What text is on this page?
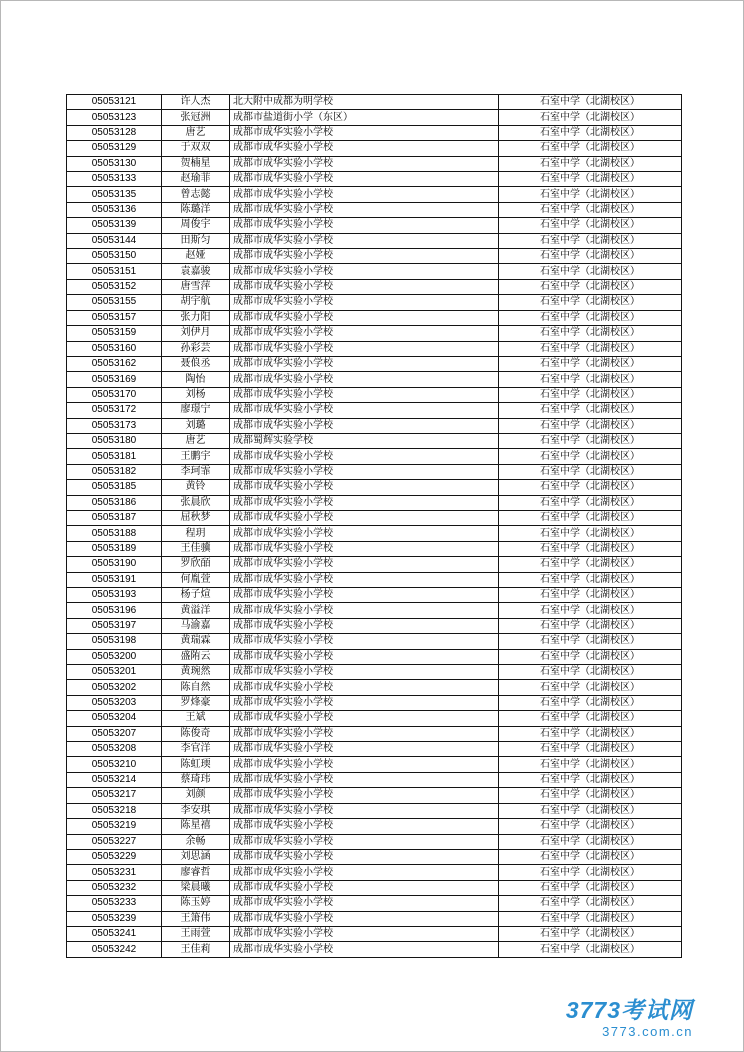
05053121	许人杰	北大附中成都为明学校	石室中学（北湖校区）
05053123	张冠洲	成都市盐道街小学（东区）	石室中学（北湖校区）
05053128	唐艺	成都市成华实验小学校	石室中学（北湖校区）
05053129	于双双	成都市成华实验小学校	石室中学（北湖校区）
05053130	贺楠星	成都市成华实验小学校	石室中学（北湖校区）
05053133	赵瑜菲	成都市成华实验小学校	石室中学（北湖校区）
05053135	曾志懿	成都市成华实验小学校	石室中学（北湖校区）
05053136	陈璐洋	成都市成华实验小学校	石室中学（北湖校区）
05053139	周俊宇	成都市成华实验小学校	石室中学（北湖校区）
05053144	田斯匀	成都市成华实验小学校	石室中学（北湖校区）
05053150	赵娅	成都市成华实验小学校	石室中学（北湖校区）
05053151	袁嘉骏	成都市成华实验小学校	石室中学（北湖校区）
05053152	唐雪萍	成都市成华实验小学校	石室中学（北湖校区）
05053155	胡宇航	成都市成华实验小学校	石室中学（北湖校区）
05053157	张力阳	成都市成华实验小学校	石室中学（北湖校区）
05053159	刘伊月	成都市成华实验小学校	石室中学（北湖校区）
05053160	孙彩芸	成都市成华实验小学校	石室中学（北湖校区）
05053162	聂俍丞	成都市成华实验小学校	石室中学（北湖校区）
05053169	陶怡	成都市成华实验小学校	石室中学（北湖校区）
05053170	刘杨	成都市成华实验小学校	石室中学（北湖校区）
05053172	廖璟宁	成都市成华实验小学校	石室中学（北湖校区）
05053173	刘璐	成都市成华实验小学校	石室中学（北湖校区）
05053180	唐艺	成都蜀辉实验学校	石室中学（北湖校区）
05053181	王鹏宇	成都市成华实验小学校	石室中学（北湖校区）
05053182	李珂霏	成都市成华实验小学校	石室中学（北湖校区）
05053185	黄铃	成都市成华实验小学校	石室中学（北湖校区）
05053186	张晨欣	成都市成华实验小学校	石室中学（北湖校区）
05053187	屈秋梦	成都市成华实验小学校	石室中学（北湖校区）
05053188	程玥	成都市成华实验小学校	石室中学（北湖校区）
05053189	王佳骥	成都市成华实验小学校	石室中学（北湖校区）
05053190	罗欣皕	成都市成华实验小学校	石室中学（北湖校区）
05053191	何胤萱	成都市成华实验小学校	石室中学（北湖校区）
05053193	杨子煊	成都市成华实验小学校	石室中学（北湖校区）
05053196	黄溢洋	成都市成华实验小学校	石室中学（北湖校区）
05053197	马渝嘉	成都市成华实验小学校	石室中学（北湖校区）
05053198	黄瑞霖	成都市成华实验小学校	石室中学（北湖校区）
05053200	盛陏云	成都市成华实验小学校	石室中学（北湖校区）
05053201	黄琬然	成都市成华实验小学校	石室中学（北湖校区）
05053202	陈自然	成都市成华实验小学校	石室中学（北湖校区）
05053203	罗烽豪	成都市成华实验小学校	石室中学（北湖校区）
05053204	王斌	成都市成华实验小学校	石室中学（北湖校区）
05053207	陈俊奇	成都市成华实验小学校	石室中学（北湖校区）
05053208	李官洋	成都市成华实验小学校	石室中学（北湖校区）
05053210	陈虹瑌	成都市成华实验小学校	石室中学（北湖校区）
05053214	蔡琦玮	成都市成华实验小学校	石室中学（北湖校区）
05053217	刘颜	成都市成华实验小学校	石室中学（北湖校区）
05053218	李安琪	成都市成华实验小学校	石室中学（北湖校区）
05053219	陈星禧	成都市成华实验小学校	石室中学（北湖校区）
05053227	余畅	成都市成华实验小学校	石室中学（北湖校区）
05053229	刘思涵	成都市成华实验小学校	石室中学（北湖校区）
05053231	廖睿哲	成都市成华实验小学校	石室中学（北湖校区）
05053232	梁晨曦	成都市成华实验小学校	石室中学（北湖校区）
05053233	陈玉婷	成都市成华实验小学校	石室中学（北湖校区）
05053239	王箫伟	成都市成华实验小学校	石室中学（北湖校区）
05053241	王雨萱	成都市成华实验小学校	石室中学（北湖校区）
05053242	王佳莉	成都市成华实验小学校	石室中学（北湖校区）
3773考试网
3773.com.cn
